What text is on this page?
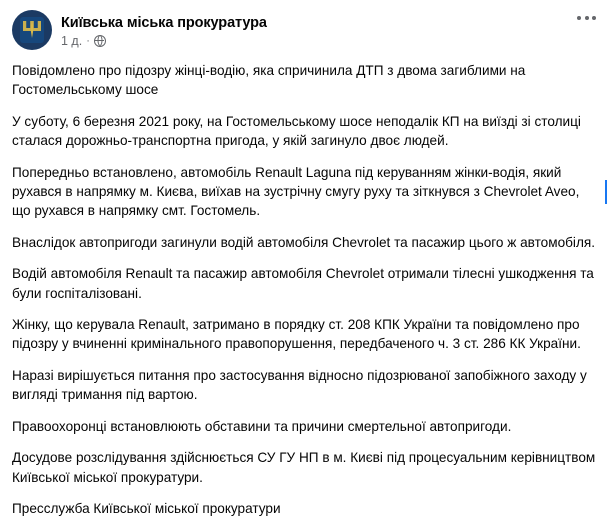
Київська міська прокуратура
1 д. ·

Повідомлено про підозру жінці-водію, яка спричинила ДТП з двома загиблими на Гостомельському шосе

У суботу, 6 березня 2021 року, на Гостомельському шосе неподалік КП на виїзді зі столиці сталася дорожньо-транспортна пригода, у якій загинуло двоє людей.

Попередньо встановлено, автомобіль Renault Laguna під керуванням жінки-водія, який рухався в напрямку м. Києва, виїхав на зустрічну смугу руху та зіткнувся з Chevrolet Aveo, що рухався в напрямку смт. Гостомель.

Внаслідок автопригоди загинули водій автомобіля Chevrolet та пасажир цього ж автомобіля.

Водій автомобіля Renault та пасажир автомобіля Chevrolet отримали тілесні ушкодження та були госпіталізовані.

Жінку, що керувала Renault, затримано в порядку ст. 208 КПК України та повідомлено про підозру у вчиненні кримінального правопорушення, передбаченого ч. 3 ст. 286 КК України.

Наразі вирішується питання про застосування відносно підозрюваної запобіжного заходу у вигляді тримання під вартою.

Правоохоронці встановлюють обставини та причини смертельної автопригоди.

Досудове розслідування здійснюється СУ ГУ НП в м. Києві під процесуальним керівництвом Київської міської прокуратури.

Пресслужба Київської міської прокуратури
